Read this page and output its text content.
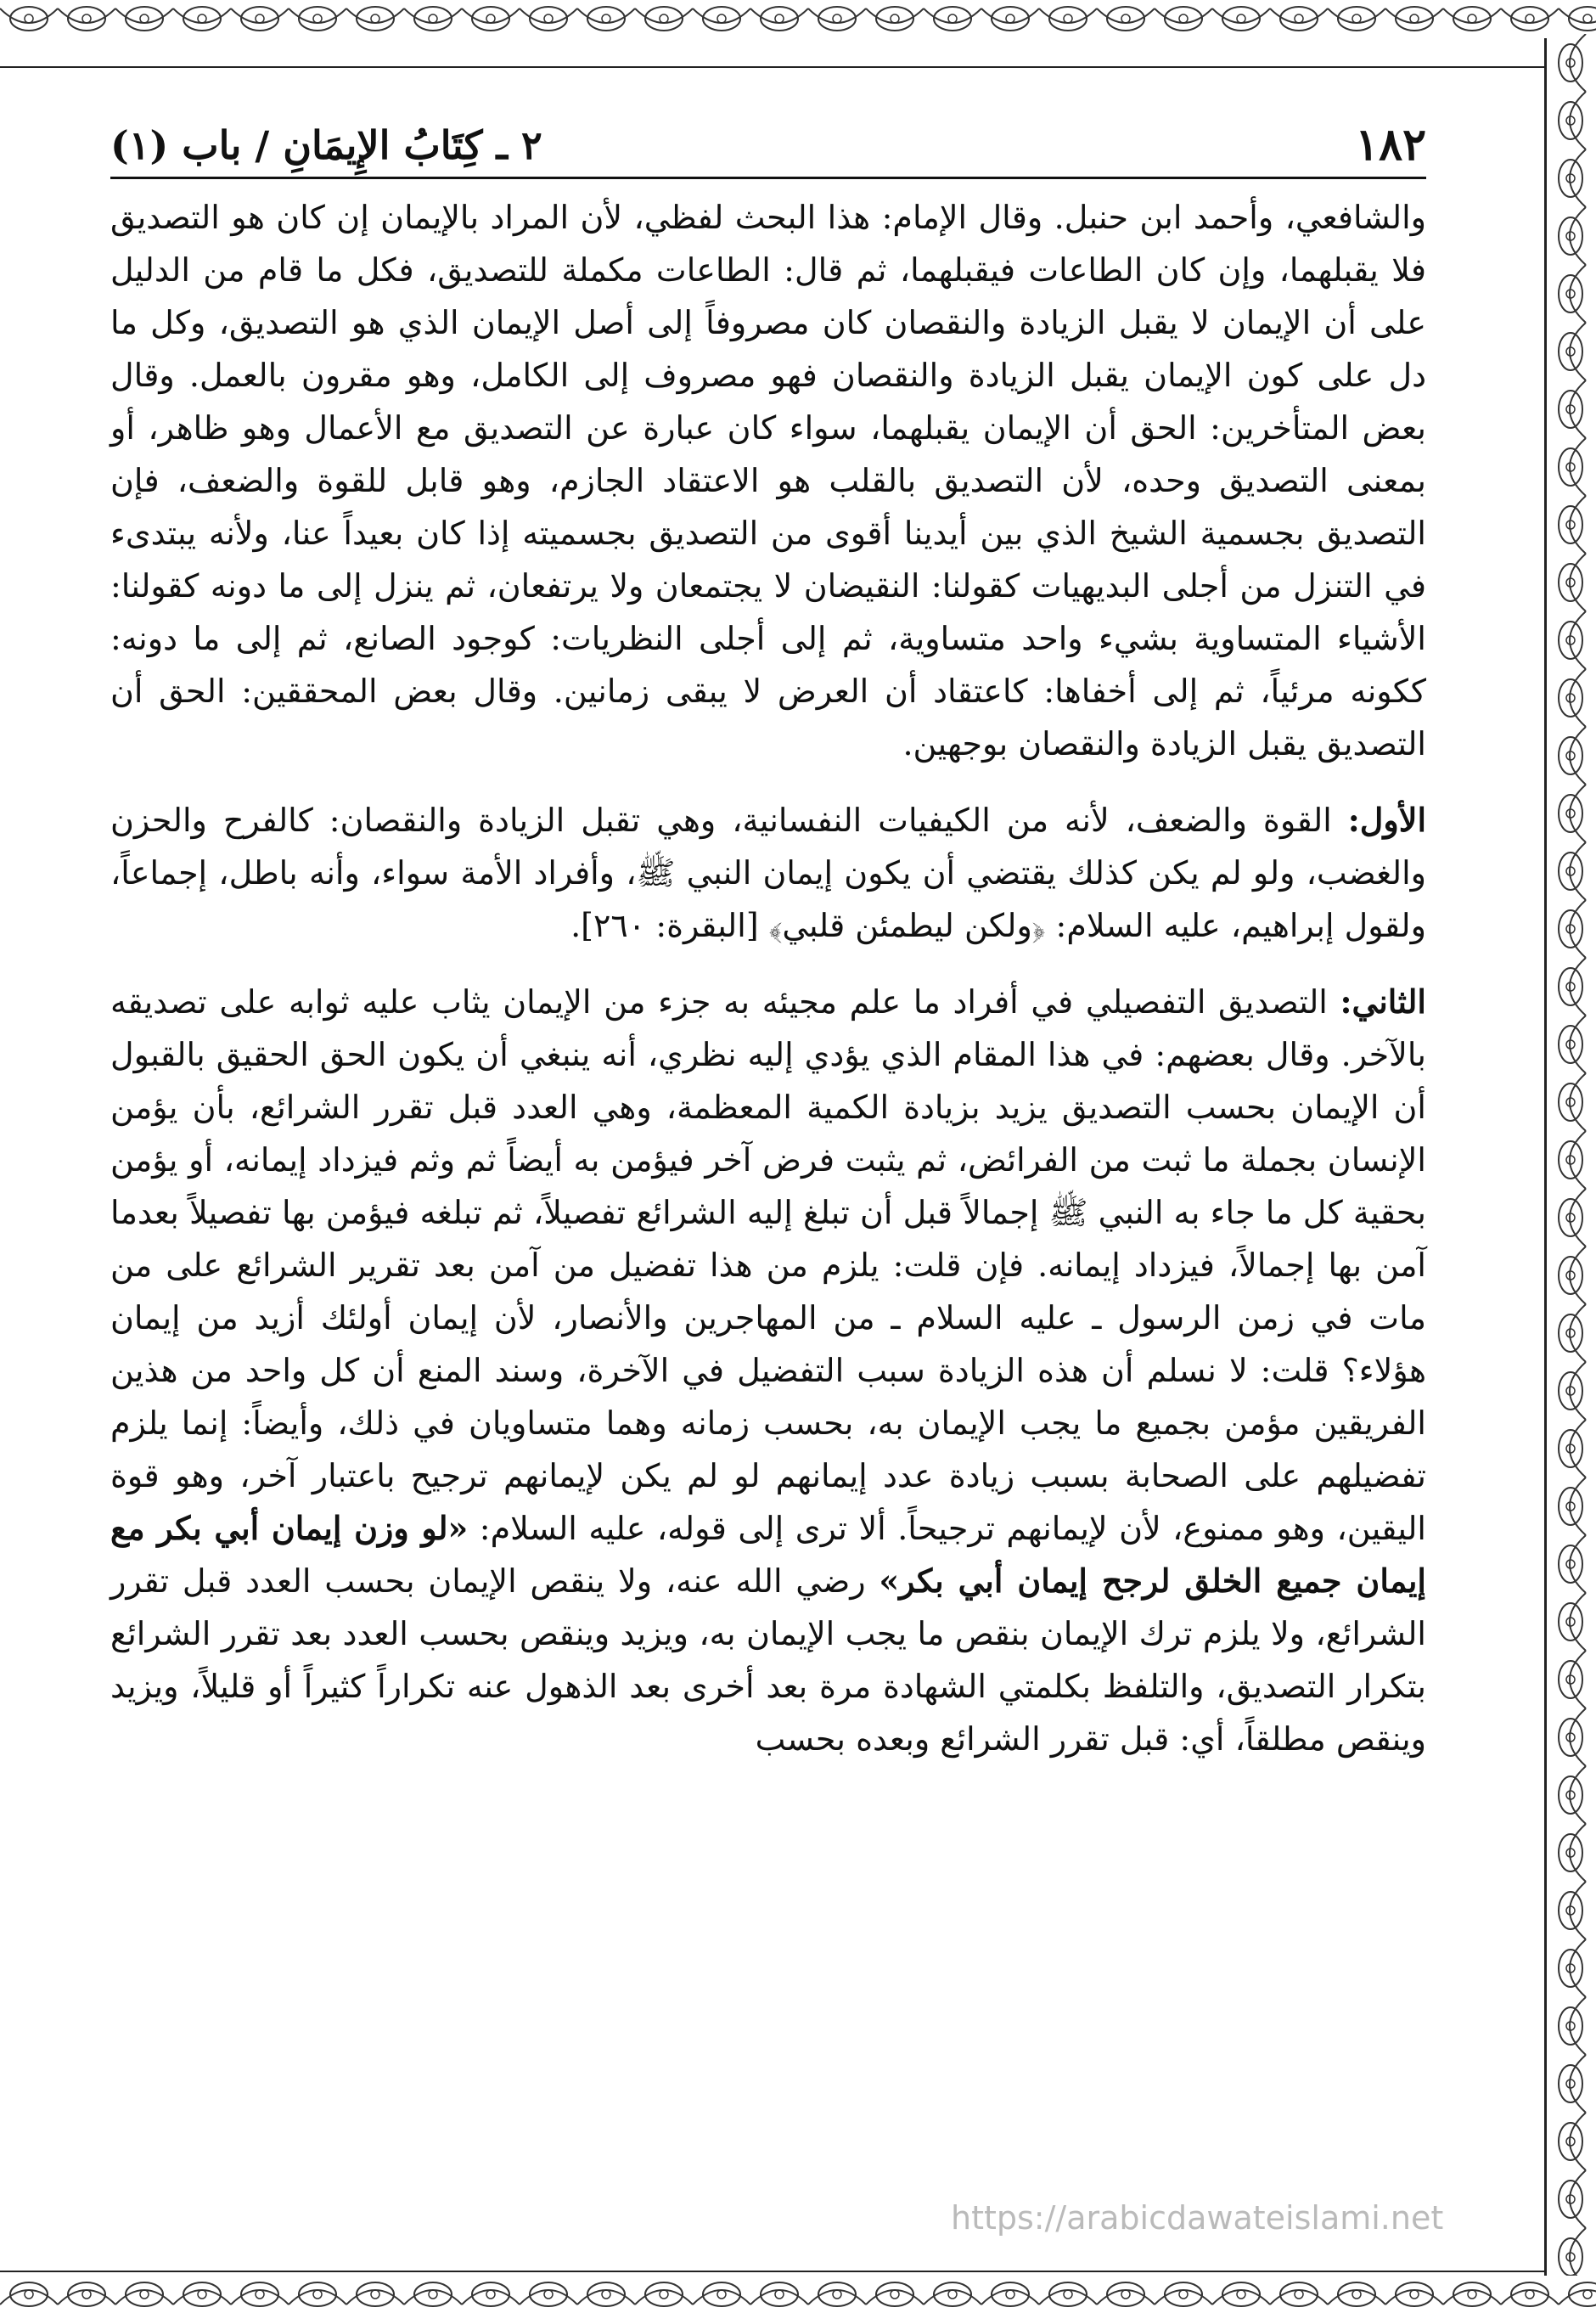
١٨٢
٢ ـ كِتَابُ الإِيمَانِ / باب (١)

والشافعي، وأحمد ابن حنبل. وقال الإمام: هذا البحث لفظي، لأن المراد بالإيمان إن كان هو التصديق فلا يقبلهما، وإن كان الطاعات فيقبلهما، ثم قال: الطاعات مكملة للتصديق، فكل ما قام من الدليل على أن الإيمان لا يقبل الزيادة والنقصان كان مصروفاً إلى أصل الإيمان الذي هو التصديق، وكل ما دل على كون الإيمان يقبل الزيادة والنقصان فهو مصروف إلى الكامل، وهو مقرون بالعمل. وقال بعض المتأخرين: الحق أن الإيمان يقبلهما، سواء كان عبارة عن التصديق مع الأعمال وهو ظاهر، أو بمعنى التصديق وحده، لأن التصديق بالقلب هو الاعتقاد الجازم، وهو قابل للقوة والضعف، فإن التصديق بجسمية الشيخ الذي بين أيدينا أقوى من التصديق بجسميته إذا كان بعيداً عنا، ولأنه يبتدىء في التنزل من أجلى البديهيات كقولنا: النقيضان لا يجتمعان ولا يرتفعان، ثم ينزل إلى ما دونه كقولنا: الأشياء المتساوية بشيء واحد متساوية، ثم إلى أجلى النظريات: كوجود الصانع، ثم إلى ما دونه: ككونه مرئياً، ثم إلى أخفاها: كاعتقاد أن العرض لا يبقى زمانين. وقال بعض المحققين: الحق أن التصديق يقبل الزيادة والنقصان بوجهين.

الأول: القوة والضعف، لأنه من الكيفيات النفسانية، وهي تقبل الزيادة والنقصان: كالفرح والحزن والغضب، ولو لم يكن كذلك يقتضي أن يكون إيمان النبي ﷺ، وأفراد الأمة سواء، وأنه باطل، إجماعاً، ولقول إبراهيم، عليه السلام: ﴿ولكن ليطمئن قلبي﴾ [البقرة: ٢٦٠].

الثاني: التصديق التفصيلي في أفراد ما علم مجيئه به جزء من الإيمان يثاب عليه ثوابه على تصديقه بالآخر. وقال بعضهم: في هذا المقام الذي يؤدي إليه نظري، أنه ينبغي أن يكون الحق الحقيق بالقبول أن الإيمان بحسب التصديق يزيد بزيادة الكمية المعظمة، وهي العدد قبل تقرر الشرائع، بأن يؤمن الإنسان بجملة ما ثبت من الفرائض، ثم يثبت فرض آخر فيؤمن به أيضاً ثم وثم فيزداد إيمانه، أو يؤمن بحقية كل ما جاء به النبي ﷺ إجمالاً قبل أن تبلغ إليه الشرائع تفصيلاً، ثم تبلغه فيؤمن بها تفصيلاً بعدما آمن بها إجمالاً، فيزداد إيمانه. فإن قلت: يلزم من هذا تفضيل من آمن بعد تقرير الشرائع على من مات في زمن الرسول ـ عليه السلام ـ من المهاجرين والأنصار، لأن إيمان أولئك أزيد من إيمان هؤلاء؟ قلت: لا نسلم أن هذه الزيادة سبب التفضيل في الآخرة، وسند المنع أن كل واحد من هذين الفريقين مؤمن بجميع ما يجب الإيمان به، بحسب زمانه وهما متساويان في ذلك، وأيضاً: إنما يلزم تفضيلهم على الصحابة بسبب زيادة عدد إيمانهم لو لم يكن لإيمانهم ترجيح باعتبار آخر، وهو قوة اليقين، وهو ممنوع، لأن لإيمانهم ترجيحاً. ألا ترى إلى قوله، عليه السلام: «لو وزن إيمان أبي بكر مع إيمان جميع الخلق لرجح إيمان أبي بكر» رضي الله عنه، ولا ينقص الإيمان بحسب العدد قبل تقرر الشرائع، ولا يلزم ترك الإيمان بنقص ما يجب الإيمان به، ويزيد وينقص بحسب العدد بعد تقرر الشرائع بتكرار التصديق، والتلفظ بكلمتي الشهادة مرة بعد أخرى بعد الذهول عنه تكراراً كثيراً أو قليلاً، ويزيد وينقص مطلقاً، أي: قبل تقرر الشرائع وبعده بحسب

https://arabicdawateislami.net
